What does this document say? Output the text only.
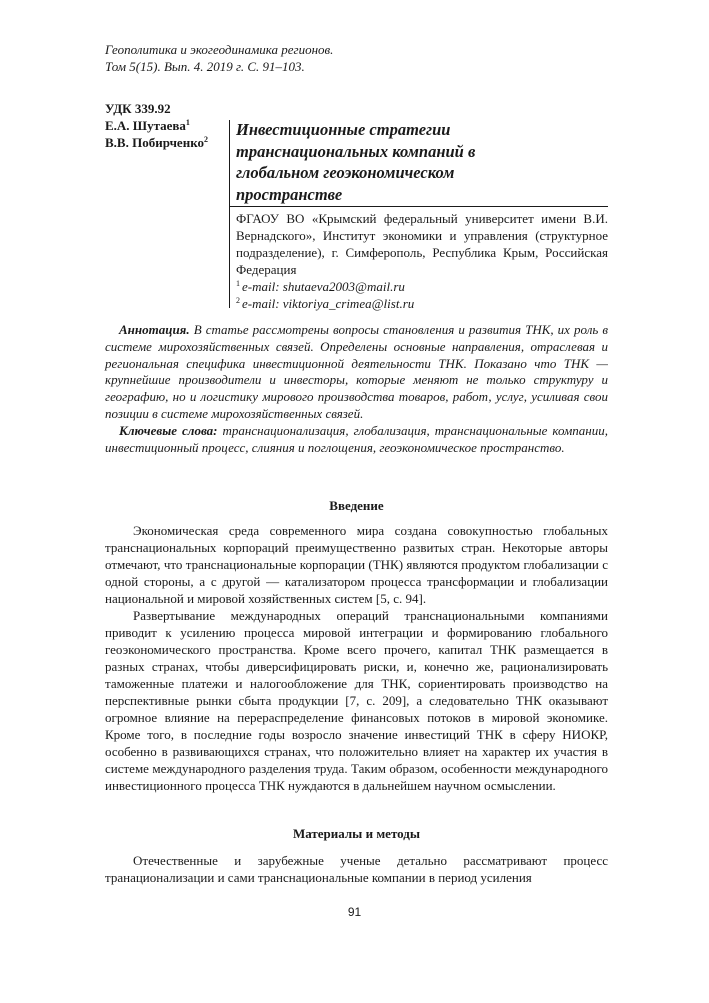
Геополитика и экогеодинамика регионов.
Том 5(15). Вып. 4. 2019 г. С. 91–103.
УДК 339.92
Е.А. Шутаева$^1$
В.В. Побирченко$^2$
Инвестиционные стратегии
транснациональных компаний в
глобальном геоэкономическом
пространстве
ФГАОУ ВО «Крымский федеральный университет имени В.И. Вернадского», Институт экономики и управления (структурное подразделение), г. Симферополь, Республика Крым, Российская Федерация
$^1$ e-mail: shutaeva2003@mail.ru
$^2$ e-mail: viktoriya_crimea@list.ru

Аннотация. В статье рассмотрены вопросы становления и развития ТНК, их роль в системе мирохозяйственных связей. Определены основные направления, отраслевая и региональная специфика инвестиционной деятельности ТНК. Показано что ТНК — крупнейшие производители и инвесторы, которые меняют не только структуру и географию, но и логистику мирового производства товаров, работ, услуг, усиливая свои позиции в системе мирохозяйственных связей.

Ключевые слова: транснационализация, глобализация, транснациональные компании, инвестиционный процесс, слияния и поглощения, геоэкономическое пространство.

Введение

Экономическая среда современного мира создана совокупностью глобальных транснациональных корпораций преимущественно развитых стран. Некоторые авторы отмечают, что транснациональные корпорации (ТНК) являются продуктом глобализации с одной стороны, а с другой — катализатором процесса трансформации и глобализации национальной и мировой хозяйственных систем [5, с. 94].

Развертывание международных операций транснациональными компаниями приводит к усилению процесса мировой интеграции и формированию глобального геоэкономического пространства. Кроме всего прочего, капитал ТНК размещается в разных странах, чтобы диверсифицировать риски, и, конечно же, рационализировать таможенные платежи и налогообложение для ТНК, сориентировать производство на перспективные рынки сбыта продукции [7, с. 209], а следовательно ТНК оказывают огромное влияние на перераспределение финансовых потоков в мировой экономике. Кроме того, в последние годы возросло значение инвестиций ТНК в сферу НИОКР, особенно в развивающихся странах, что положительно влияет на характер их участия в системе международного разделения труда. Таким образом, особенности международного инвестиционного процесса ТНК нуждаются в дальнейшем научном осмыслении.

Материалы и методы

Отечественные и зарубежные ученые детально рассматривают процесс транационализации и сами транснациональные компании в период усиления

91
